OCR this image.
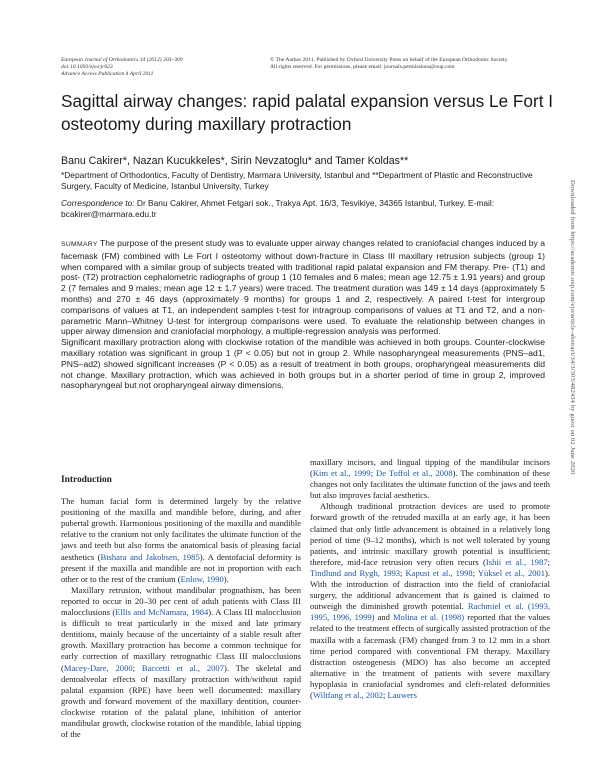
European Journal of Orthodontics 34 (2012) 303–309
doi:10.1093/ejo/cjr023
Advance Access Publication 4 April 2011
© The Author 2011. Published by Oxford University Press on behalf of the European Orthodontic Society.
All rights reserved. For permissions, please email: journals.permissions@oup.com
Sagittal airway changes: rapid palatal expansion versus Le Fort I osteotomy during maxillary protraction
Banu Cakirer*, Nazan Kucukkeles*, Sirin Nevzatoglu* and Tamer Koldas**
*Department of Orthodontics, Faculty of Dentistry, Marmara University, Istanbul and **Department of Plastic and Reconstructive Surgery, Faculty of Medicine, Istanbul University, Turkey
Correspondence to: Dr Banu Cakirer, Ahmet Fetgari sok., Trakya Apt. 16/3, Tesvikiye, 34365 Istanbul, Turkey. E-mail: bcakirer@marmara.edu.tr

SUMMARY The purpose of the present study was to evaluate upper airway changes related to craniofacial changes induced by a facemask (FM) combined with Le Fort I osteotomy without down-fracture in Class III maxillary retrusion subjects (group 1) when compared with a similar group of subjects treated with traditional rapid palatal expansion and FM therapy. Pre- (T1) and post- (T2) protraction cephalometric radiographs of group 1 (10 females and 6 males; mean age 12.75 ± 1.91 years) and group 2 (7 females and 9 males; mean age 12 ± 1.7 years) were traced. The treatment duration was 149 ± 14 days (approximately 5 months) and 270 ± 46 days (approximately 9 months) for groups 1 and 2, respectively. A paired t-test for intergroup comparisons of values at T1, an independent samples t-test for intragroup comparisons of values at T1 and T2, and a non-parametric Mann–Whitney U-test for intergroup comparisons were used. To evaluate the relationship between changes in upper airway dimension and craniofacial morphology, a multiple-regression analysis was performed.

Significant maxillary protraction along with clockwise rotation of the mandible was achieved in both groups. Counter-clockwise maxillary rotation was significant in group 1 (P < 0.05) but not in group 2. While nasopharyngeal measurements (PNS–ad1, PNS–ad2) showed significant increases (P < 0.05) as a result of treatment in both groups, oropharyngeal measurements did not change. Maxillary protraction, which was achieved in both groups but in a shorter period of time in group 2, improved nasopharyngeal but not oropharyngeal airway dimensions.

Introduction

The human facial form is determined largely by the relative positioning of the maxilla and mandible before, during, and after pubertal growth. Harmonious positioning of the maxilla and mandible relative to the cranium not only facilitates the ultimate function of the jaws and teeth but also forms the anatomical basis of pleasing facial aesthetics (Bishara and Jakobsen, 1985). A dentofacial deformity is present if the maxilla and mandible are not in proportion with each other or to the rest of the cranium (Enlow, 1990).

Maxillary retrusion, without mandibular prognathism, has been reported to occur in 20–30 per cent of adult patients with Class III malocclusions (Ellis and McNamara, 1984). A Class III malocclusion is difficult to treat particularly in the mixed and late primary dentitions, mainly because of the uncertainty of a stable result after growth. Maxillary protraction has become a common technique for early correction of maxillary retrognathic Class III malocclusions (Macey-Dare, 2000; Baccetti et al., 2007). The skeletal and dentoalveolar effects of maxillary protraction with/without rapid palatal expansion (RPE) have been well documented: maxillary growth and forward movement of the maxillary dentition, counter-clockwise rotation of the palatal plane, inhibition of anterior mandibular growth, clockwise rotation of the mandible, labial tipping of the

maxillary incisors, and lingual tipping of the mandibular incisors (Kim et al., 1999; De Toffol et al., 2008). The combination of these changes not only facilitates the ultimate function of the jaws and teeth but also improves facial aesthetics.

Although traditional protraction devices are used to promote forward growth of the retruded maxilla at an early age, it has been claimed that only little advancement is obtained in a relatively long period of time (9–12 months), which is not well tolerated by young patients, and intrinsic maxillary growth potential is insufficient; therefore, mid-face retrusion very often recurs (Ishii et al., 1987; Tindlund and Rygh, 1993; Kapust et al., 1998; Yüksel et al., 2001). With the introduction of distraction into the field of craniofacial surgery, the additional advancement that is gained is claimed to outweigh the diminished growth potential. Rachmiel et al. (1993, 1995, 1996, 1999) and Molina et al. (1998) reported that the values related to the treatment effects of surgically assisted protraction of the maxilla with a facemask (FM) changed from 3 to 12 mm in a short time period compared with conventional FM therapy. Maxillary distraction osteogenesis (MDO) has also become an accepted alternative in the treatment of patients with severe maxillary hypoplasia in craniofacial syndromes and cleft-related deformities (Wiltfang et al., 2002; Lauwers

Downloaded from https://academic.oup.com/ejo/article-abstract/34/3/303/482434 by guest on 02 June 2020
